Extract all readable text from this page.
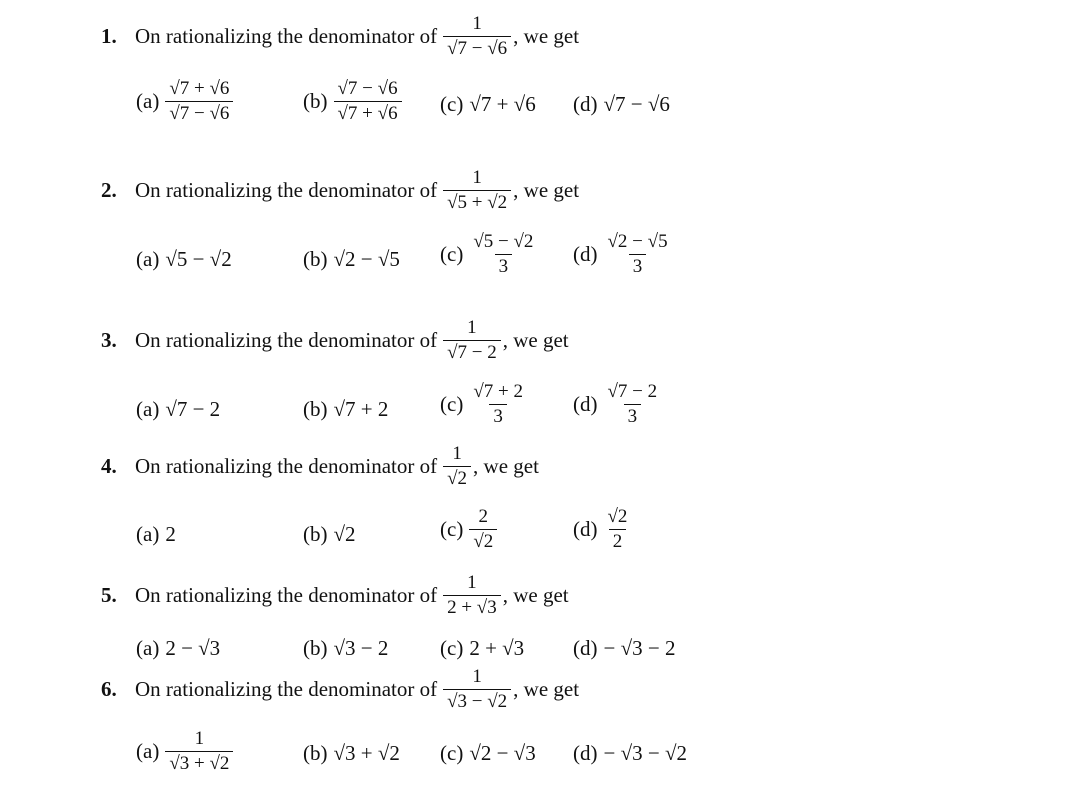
1. On rationalizing the denominator of $\frac{1}{√7 - √6}$ , we get
$(a) \frac{√7 + √6}{√7 - √6}$	$(b) \frac{√7 - √6}{√7 + √6} (c) √7 + √6$ (d) √7 − √6
2. On rationalizing the denominator of $\frac{1}{√5 + √2}$ , we get
(a) √5 − √2	(b) √2 − √5 $(c) \frac{√5 - √2}{3} (d) \frac{√2 - √5}{3}$
3. On rationalizing the denominator of $\frac{1}{√7 - 2}$ , we get
(a) √7 − 2	(b) √7 + 2 $(c) \frac{√7 + 2}{3} (d) \frac{√7 - 2}{3}$
4. On rationalizing the denominator of $\frac{1}{√2}$ , we get
(a) 2	(b) √2	$(c) \frac{2}{√2}$	$(d) \frac{√2}{2}$
5. On rationalizing the denominator of $\frac{1}{2 + √3}$ , we get
(a) 2 − √3	(b) √3 − 2 (c) 2 + √3 (d) − √3 − 2
6. On rationalizing the denominator of $\frac{1}{√3 - √2}$ , we get
$(a) \frac{1}{√3 + √2}$	(b) √3 + √2 (c) √2 − √3 (d) − √3 − √2
